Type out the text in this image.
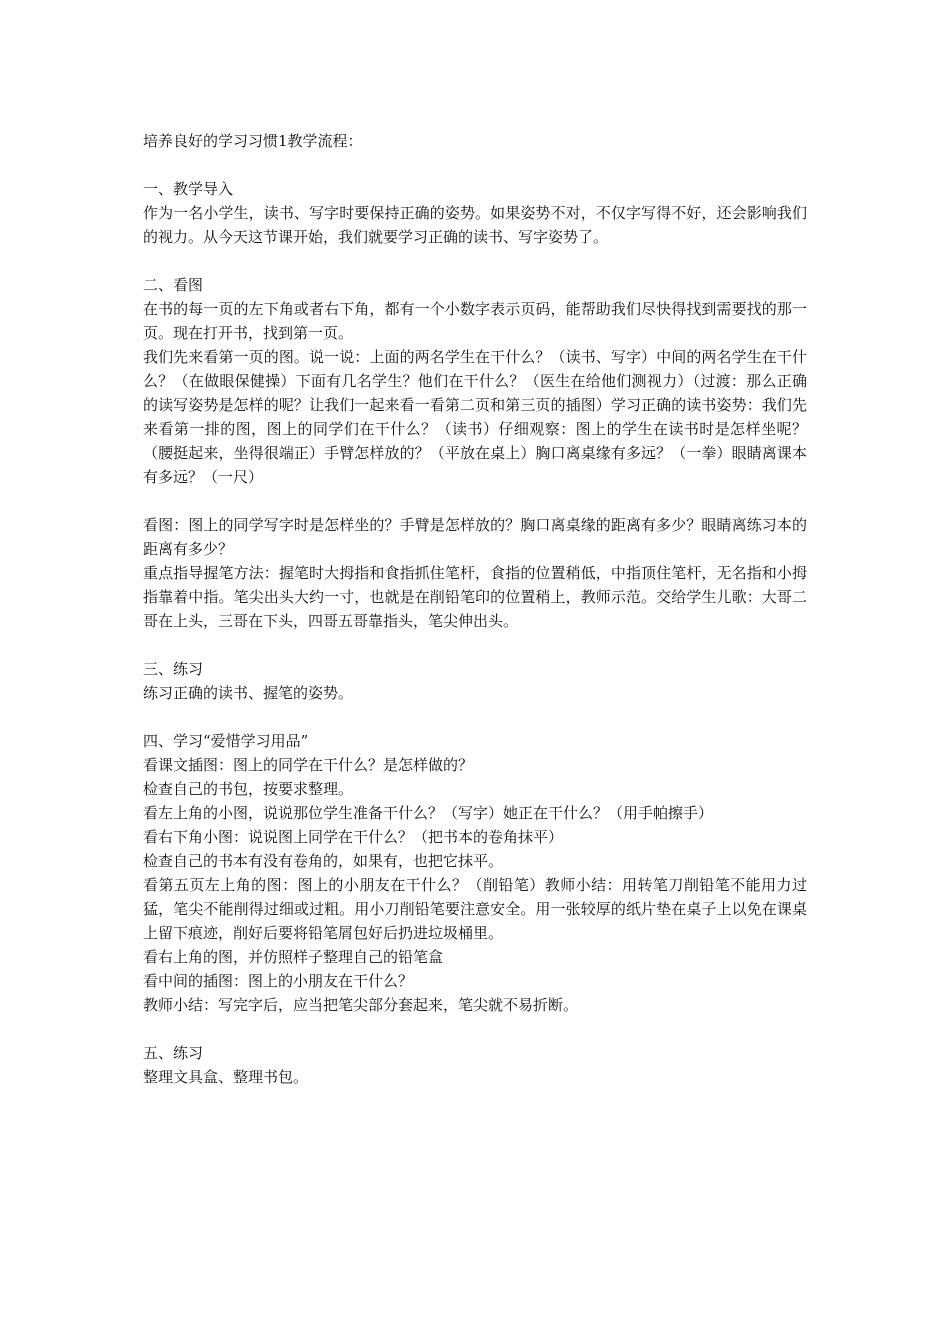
培养良好的学习习惯1教学流程：
一、教学导入
作为一名小学生，读书、写字时要保持正确的姿势。如果姿势不对，不仅字写得不好，还会影响我们的视力。从今天这节课开始，我们就要学习正确的读书、写字姿势了。
二、看图
在书的每一页的左下角或者右下角，都有一个小数字表示页码，能帮助我们尽快得找到需要找的那一页。现在打开书，找到第一页。
我们先来看第一页的图。说一说：上面的两名学生在干什么？（读书、写字）中间的两名学生在干什么？（在做眼保健操）下面有几名学生？他们在干什么？（医生在给他们测视力）（过渡：那么正确的读写姿势是怎样的呢？让我们一起来看一看第二页和第三页的插图）学习正确的读书姿势：我们先来看第一排的图，图上的同学们在干什么？（读书）仔细观察：图上的学生在读书时是怎样坐呢？（腰挺起来，坐得很端正）手臂怎样放的？（平放在桌上）胸口离桌缘有多远？（一拳）眼睛离课本有多远？（一尺）
看图：图上的同学写字时是怎样坐的？手臂是怎样放的？胸口离桌缘的距离有多少？眼睛离练习本的距离有多少？
重点指导握笔方法：握笔时大拇指和食指抓住笔杆，食指的位置稍低，中指顶住笔杆，无名指和小拇指靠着中指。笔尖出头大约一寸，也就是在削铅笔印的位置稍上，教师示范。交给学生儿歌：大哥二哥在上头，三哥在下头，四哥五哥靠指头，笔尖伸出头。
三、练习
练习正确的读书、握笔的姿势。
四、学习“爱惜学习用品”
看课文插图：图上的同学在干什么？是怎样做的？
检查自己的书包，按要求整理。
看左上角的小图，说说那位学生准备干什么？（写字）她正在干什么？（用手帕擦手）
看右下角小图：说说图上同学在干什么？（把书本的卷角抹平）
检查自己的书本有没有卷角的，如果有，也把它抹平。
看第五页左上角的图：图上的小朋友在干什么？（削铅笔）教师小结：用转笔刀削铅笔不能用力过猛，笔尖不能削得过细或过粗。用小刀削铅笔要注意安全。用一张较厚的纸片垫在桌子上以免在课桌上留下痕迹，削好后要将铅笔屑包好后扔进垃圾桶里。
看右上角的图，并仿照样子整理自己的铅笔盒
看中间的插图：图上的小朋友在干什么？
教师小结：写完字后，应当把笔尖部分套起来，笔尖就不易折断。
五、练习
整理文具盒、整理书包。
